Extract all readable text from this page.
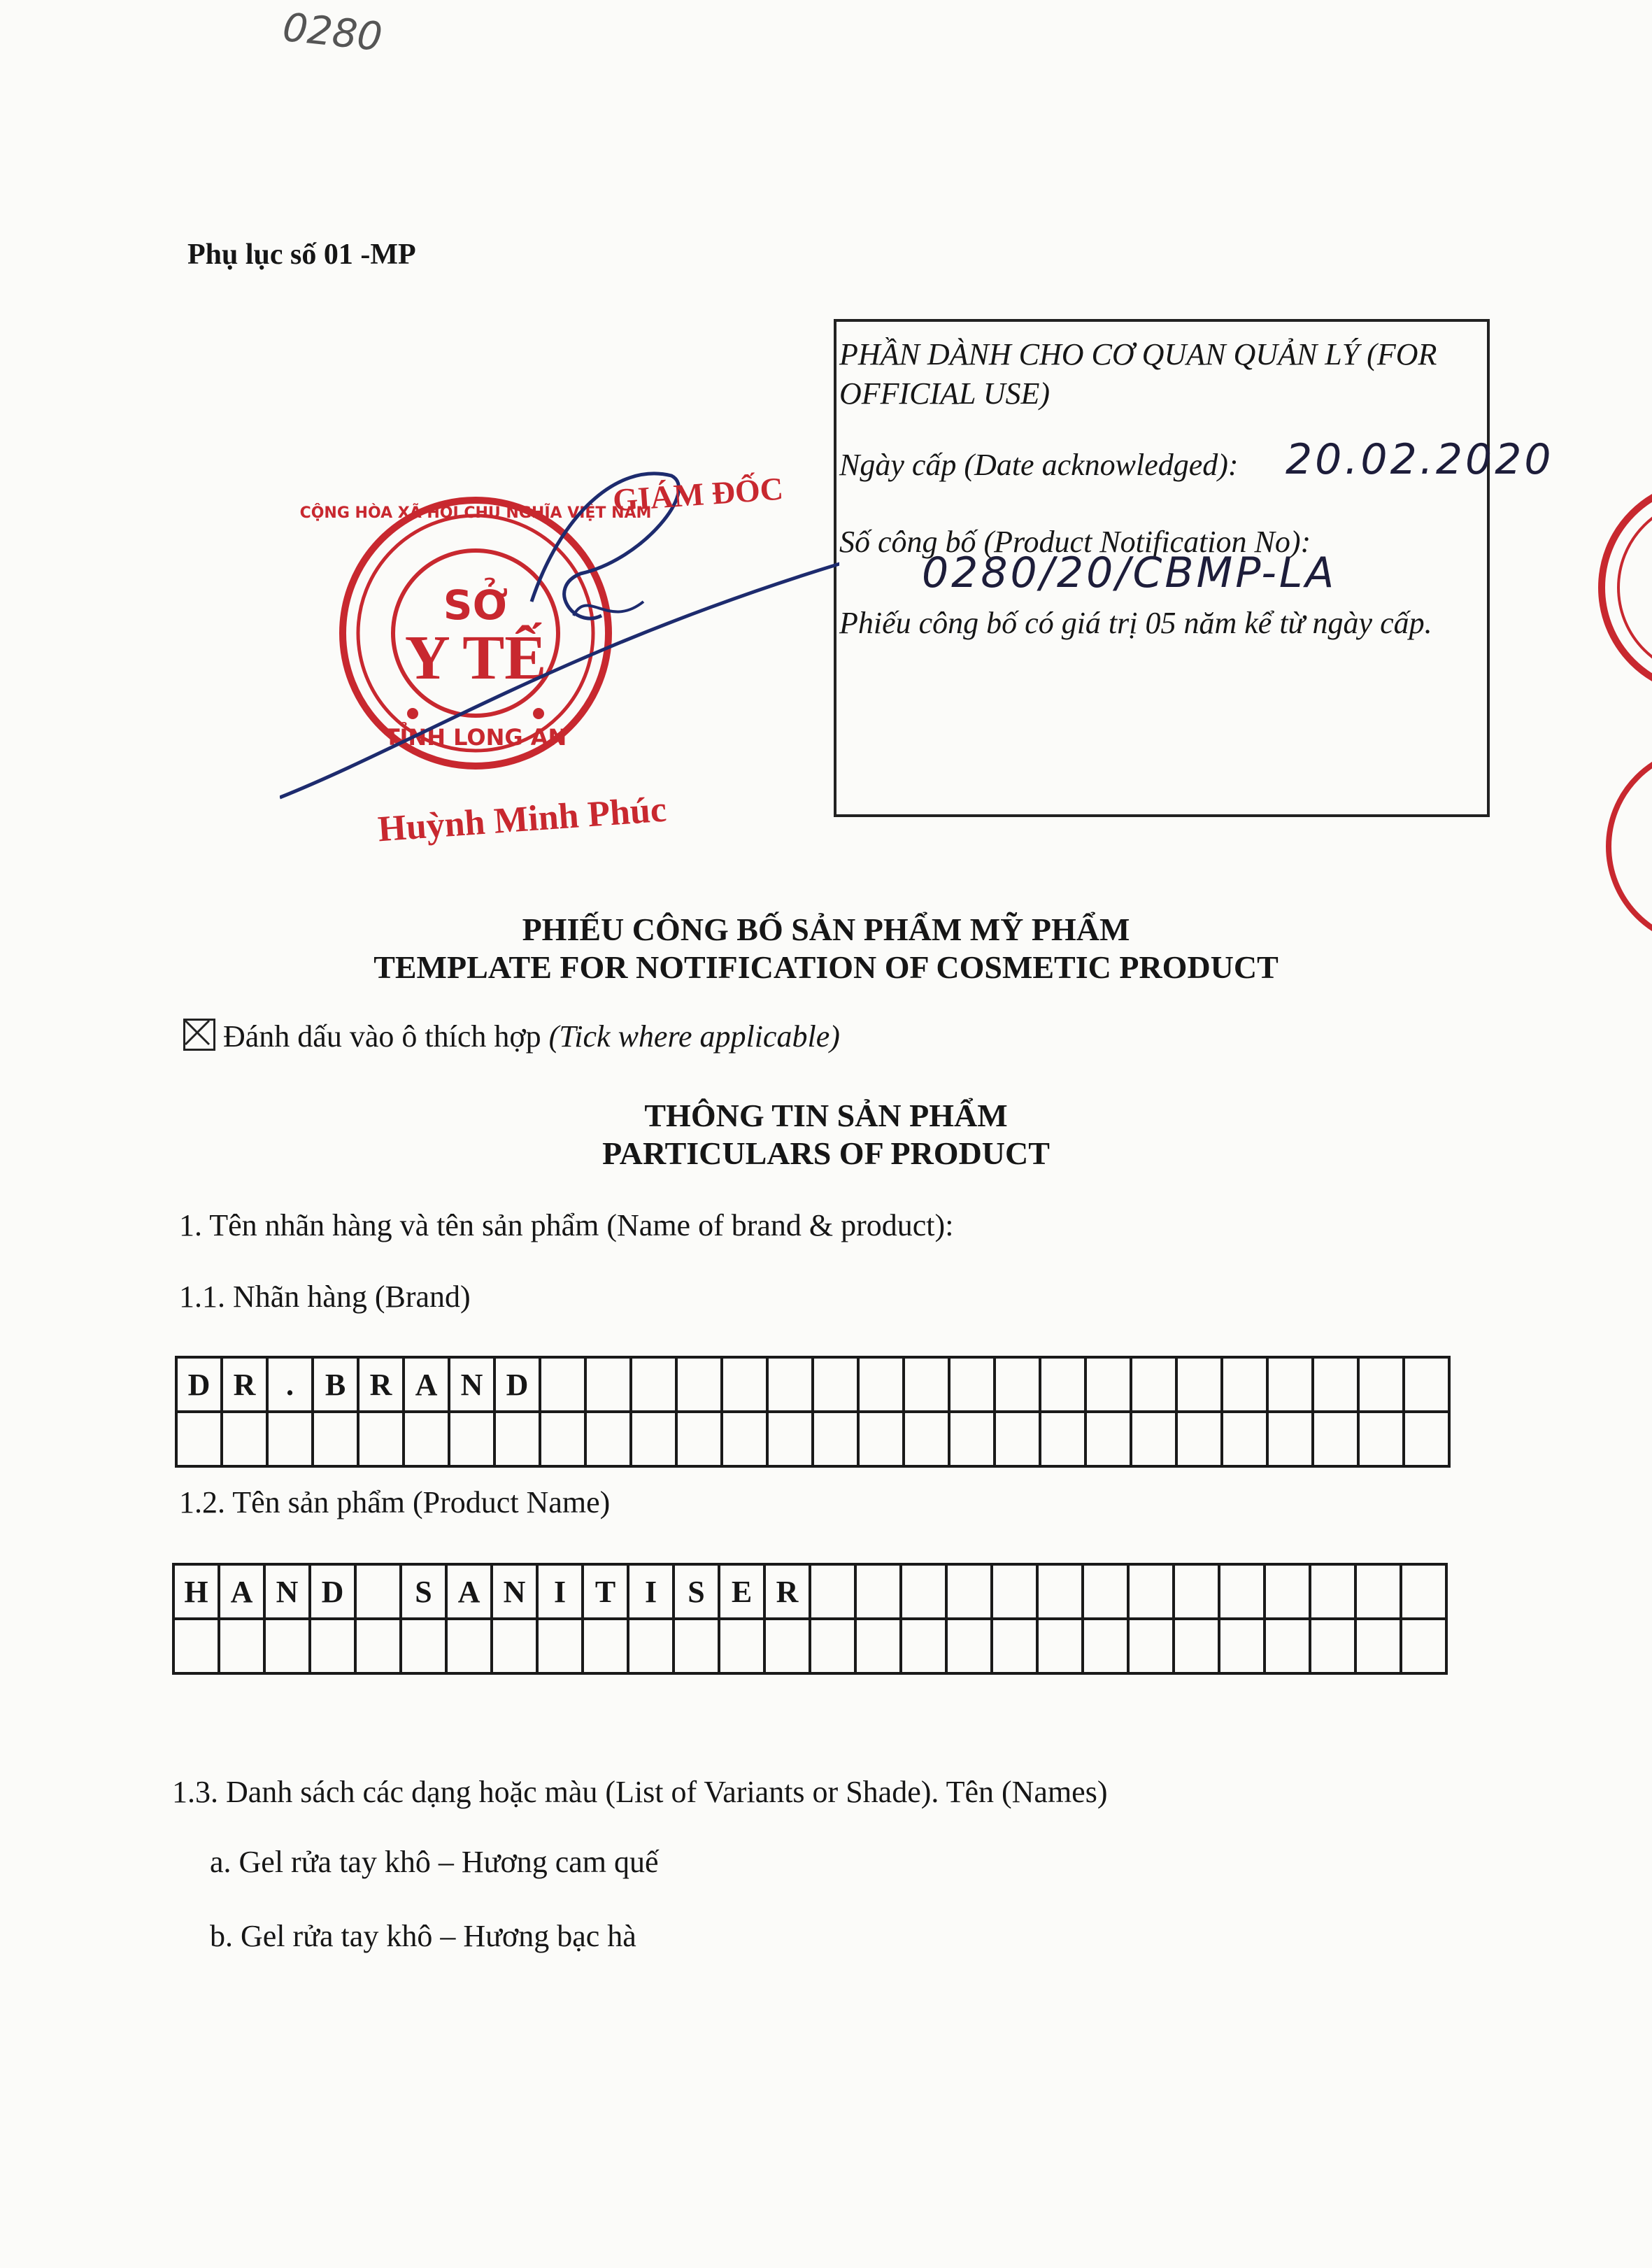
0280
Phụ lục số 01 -MP
PHẦN DÀNH CHO CƠ QUAN QUẢN LÝ (FOR
OFFICIAL USE)
Ngày cấp (Date acknowledged):
Số công bố (Product Notification No):
Phiếu công bố có giá trị 05 năm kể từ ngày cấp.
20.02.2020
0280/20/CBMP-LA
SỞ
Y TẾ
TỈNH LONG AN
CỘNG HÒA XÃ HỘI CHỦ NGHĨA VIỆT NAM
GIÁM ĐỐC
Huỳnh Minh Phúc
PHIẾU CÔNG BỐ SẢN PHẨM MỸ PHẨM
TEMPLATE FOR NOTIFICATION OF COSMETIC PRODUCT
Đánh dấu vào ô thích hợp (Tick where applicable)
THÔNG TIN SẢN PHẨM
PARTICULARS OF PRODUCT
1. Tên nhãn hàng và tên sản phẩm (Name of brand & product):
1.1. Nhãn hàng (Brand)
D	R	.	B	R	A	N	D																				

1.2. Tên sản phẩm (Product Name)
H	A	N	D		S	A	N	I	T	I	S	E	R														

1.3. Danh sách các dạng hoặc màu (List of Variants or Shade). Tên (Names)
a. Gel rửa tay khô – Hương cam quế
b. Gel rửa tay khô – Hương bạc hà
